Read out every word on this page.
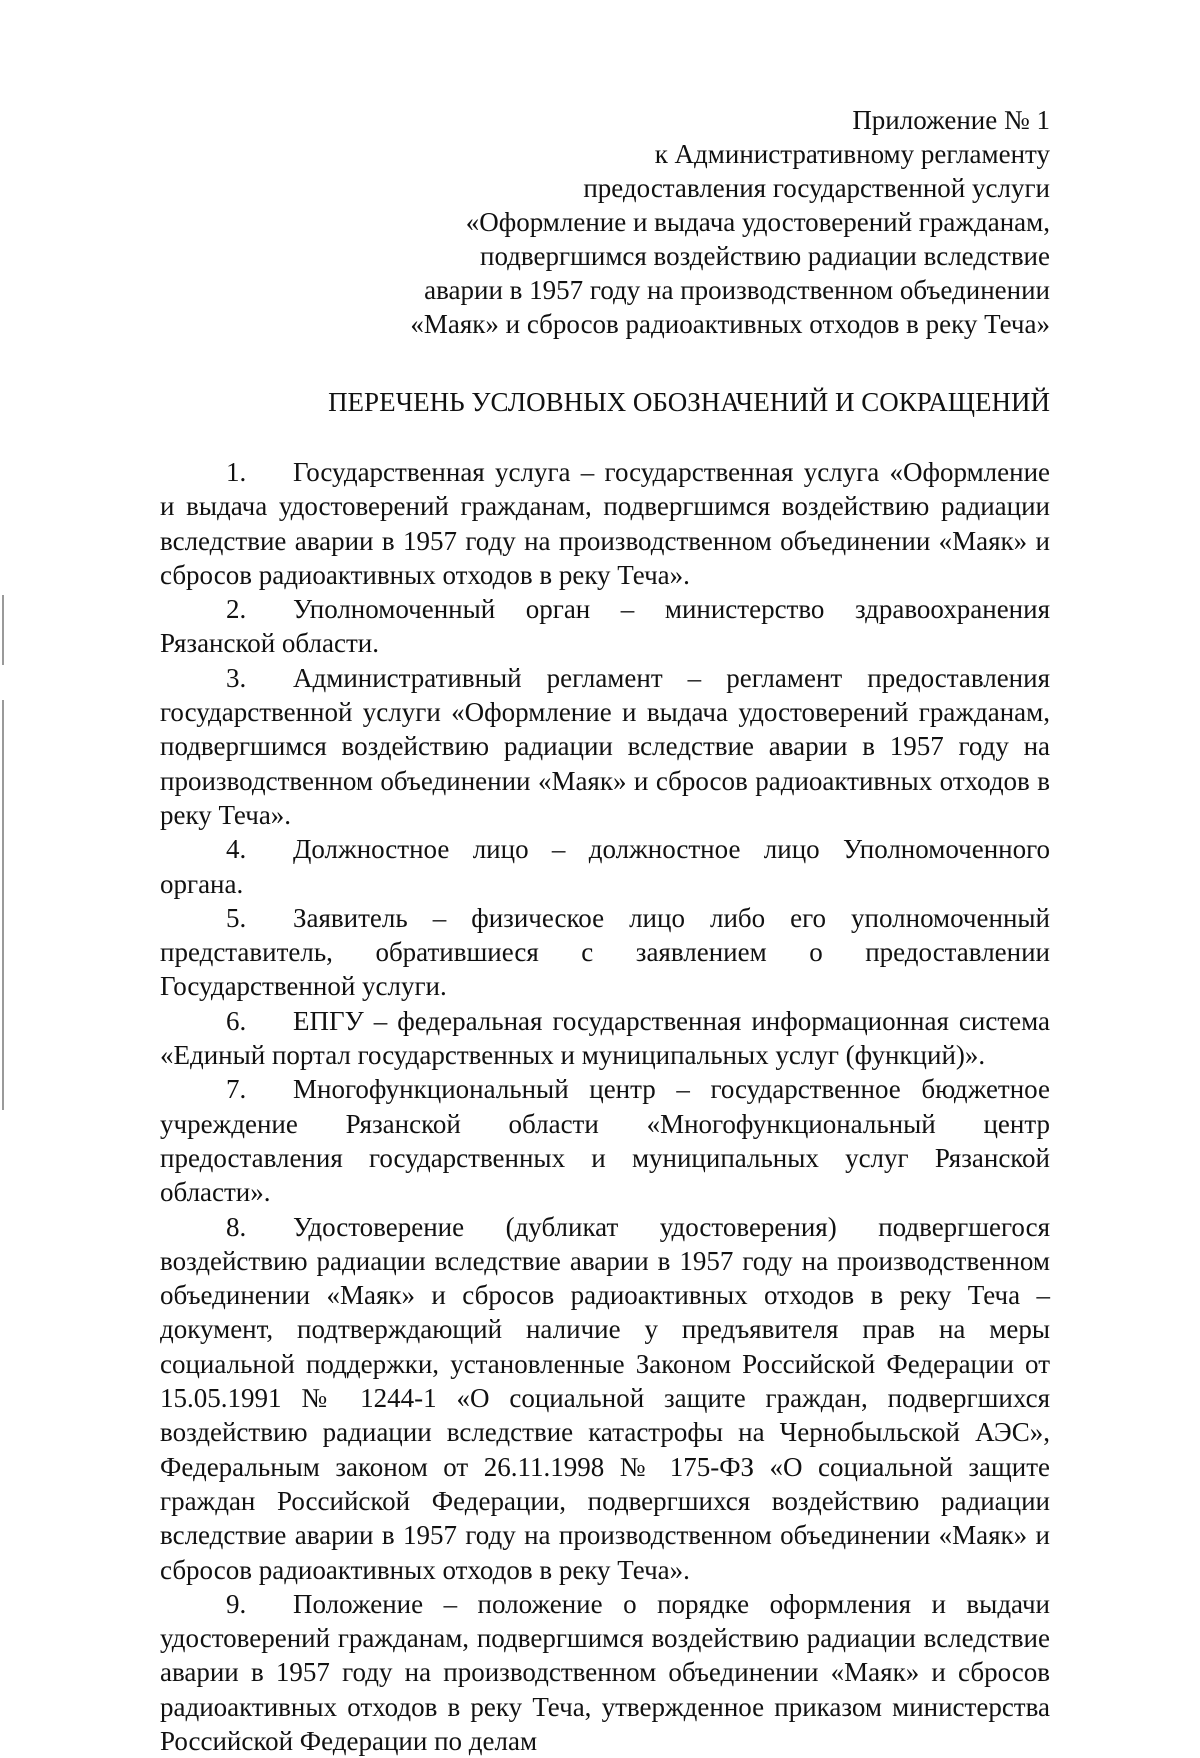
Приложение № 1
к Административному регламенту
предоставления государственной услуги
«Оформление и выдача удостоверений гражданам,
подвергшимся воздействию радиации вследствие
аварии в 1957 году на производственном объединении
«Маяк» и сбросов радиоактивных отходов в реку Теча»
ПЕРЕЧЕНЬ УСЛОВНЫХ ОБОЗНАЧЕНИЙ И СОКРАЩЕНИЙ

1. Государственная услуга – государственная услуга «Оформление и выдача удостоверений гражданам, подвергшимся воздействию радиации вследствие аварии в 1957 году на производственном объединении «Маяк» и сбросов радиоактивных отходов в реку Теча».

2. Уполномоченный орган – министерство здравоохранения Рязанской области.

3. Административный регламент – регламент предоставления государственной услуги «Оформление и выдача удостоверений гражданам, подвергшимся воздействию радиации вследствие аварии в 1957 году на производственном объединении «Маяк» и сбросов радиоактивных отходов в реку Теча».

4. Должностное лицо – должностное лицо Уполномоченного органа.

5. Заявитель – физическое лицо либо его уполномоченный представитель, обратившиеся с заявлением о предоставлении Государственной услуги.

6. ЕПГУ – федеральная государственная информационная система «Единый портал государственных и муниципальных услуг (функций)».

7. Многофункциональный центр – государственное бюджетное учреждение Рязанской области «Многофункциональный центр предоставления государственных и муниципальных услуг Рязанской области».

8. Удостоверение (дубликат удостоверения) подвергшегося воздействию радиации вследствие аварии в 1957 году на производственном объединении «Маяк» и сбросов радиоактивных отходов в реку Теча – документ, подтверждающий наличие у предъявителя прав на меры социальной поддержки, установленные Законом Российской Федерации от 15.05.1991 № 1244-1 «О социальной защите граждан, подвергшихся воздействию радиации вследствие катастрофы на Чернобыльской АЭС», Федеральным законом от 26.11.1998 № 175-ФЗ «О социальной защите граждан Российской Федерации, подвергшихся воздействию радиации вследствие аварии в 1957 году на производственном объединении «Маяк» и сбросов радиоактивных отходов в реку Теча».

9. Положение – положение о порядке оформления и выдачи удостоверений гражданам, подвергшимся воздействию радиации вследствие аварии в 1957 году на производственном объединении «Маяк» и сбросов радиоактивных отходов в реку Теча, утвержденное приказом министерства Российской Федерации по делам
